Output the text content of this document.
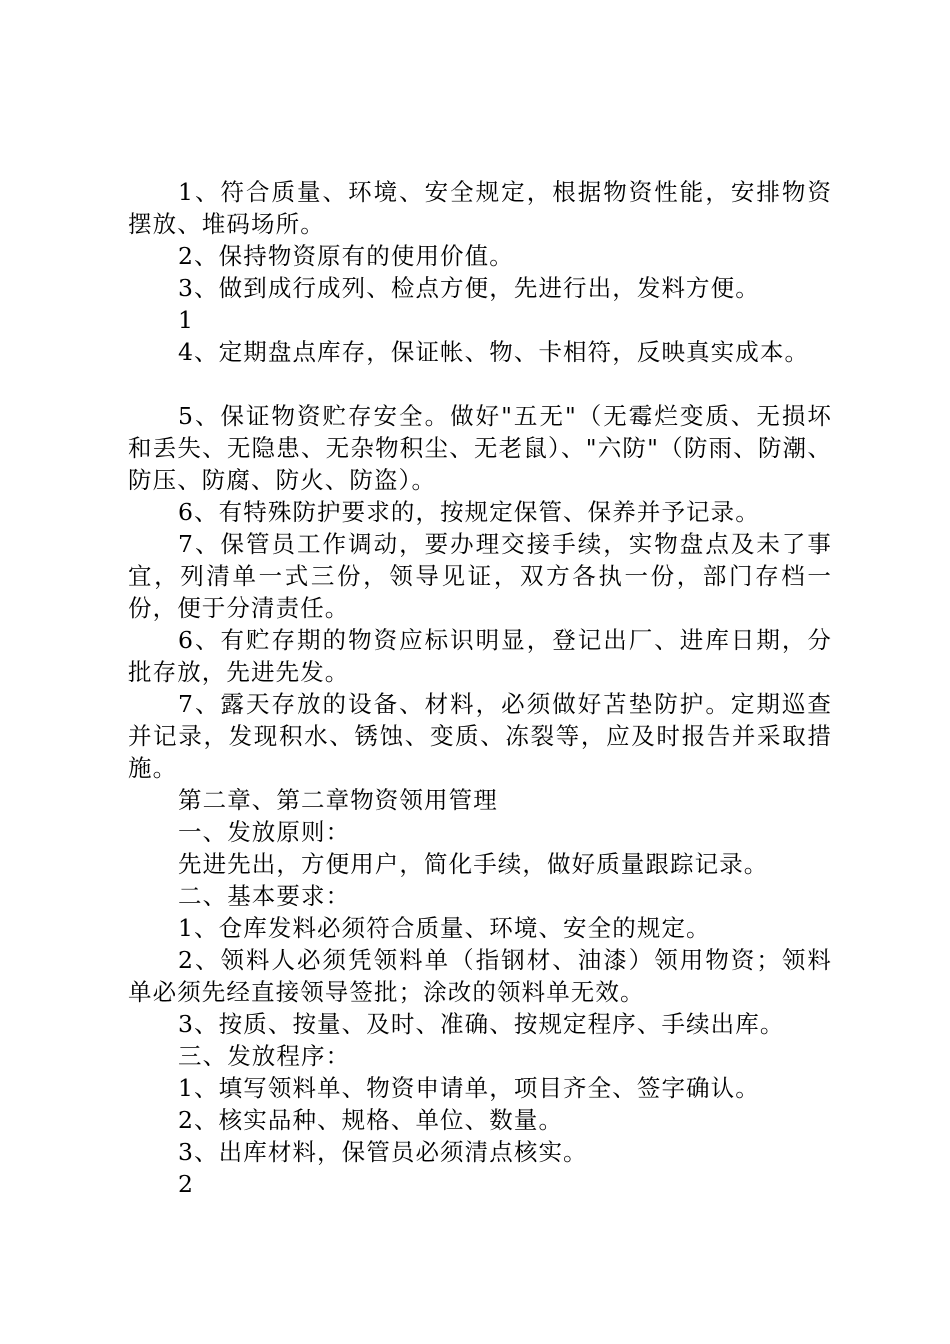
1、符合质量、环境、安全规定，根据物资性能，安排物资摆放、堆码场所。

2、保持物资原有的使用价值。

3、做到成行成列、检点方便，先进行出，发料方便。

1

4、定期盘点库存，保证帐、物、卡相符，反映真实成本。

5、保证物资贮存安全。做好"五无"（无霉烂变质、无损坏和丢失、无隐患、无杂物积尘、无老鼠）、"六防"（防雨、防潮、防压、防腐、防火、防盗）。

6、有特殊防护要求的，按规定保管、保养并予记录。

7、保管员工作调动，要办理交接手续，实物盘点及未了事宜，列清单一式三份，领导见证，双方各执一份，部门存档一份，便于分清责任。

6、有贮存期的物资应标识明显，登记出厂、进库日期，分批存放，先进先发。

7、露天存放的设备、材料，必须做好苫垫防护。定期巡查并记录，发现积水、锈蚀、变质、冻裂等，应及时报告并采取措施。

第二章、第二章物资领用管理

一、发放原则：

先进先出，方便用户，简化手续，做好质量跟踪记录。

二、基本要求：

1、仓库发料必须符合质量、环境、安全的规定。

2、领料人必须凭领料单（指钢材、油漆）领用物资；领料单必须先经直接领导签批；涂改的领料单无效。

3、按质、按量、及时、准确、按规定程序、手续出库。

三、发放程序：

1、填写领料单、物资申请单，项目齐全、签字确认。

2、核实品种、规格、单位、数量。

3、出库材料，保管员必须清点核实。

2
